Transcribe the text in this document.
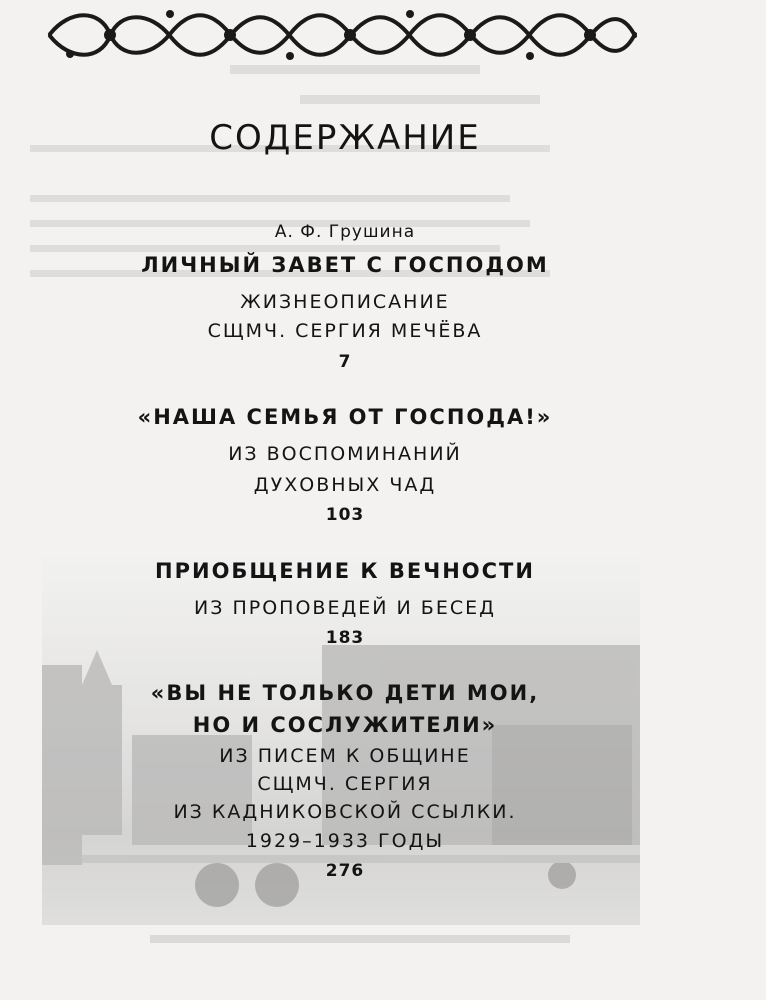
СОДЕРЖАНИЕ
А. Ф. Грушина
ЛИЧНЫЙ ЗАВЕТ С ГОСПОДОМ
ЖИЗНЕОПИСАНИЕ
СЩМЧ. СЕРГИЯ МЕЧЁВА
7
«НАША СЕМЬЯ ОТ ГОСПОДА!»
ИЗ ВОСПОМИНАНИЙ
ДУХОВНЫХ ЧАД
103
ПРИОБЩЕНИЕ К ВЕЧНОСТИ
ИЗ ПРОПОВЕДЕЙ И БЕСЕД
183
«ВЫ НЕ ТОЛЬКО ДЕТИ МОИ,
НО И СОСЛУЖИТЕЛИ»
ИЗ ПИСЕМ К ОБЩИНЕ
СЩМЧ. СЕРГИЯ
ИЗ КАДНИКОВСКОЙ ССЫЛКИ.
1929–1933 ГОДЫ
276
